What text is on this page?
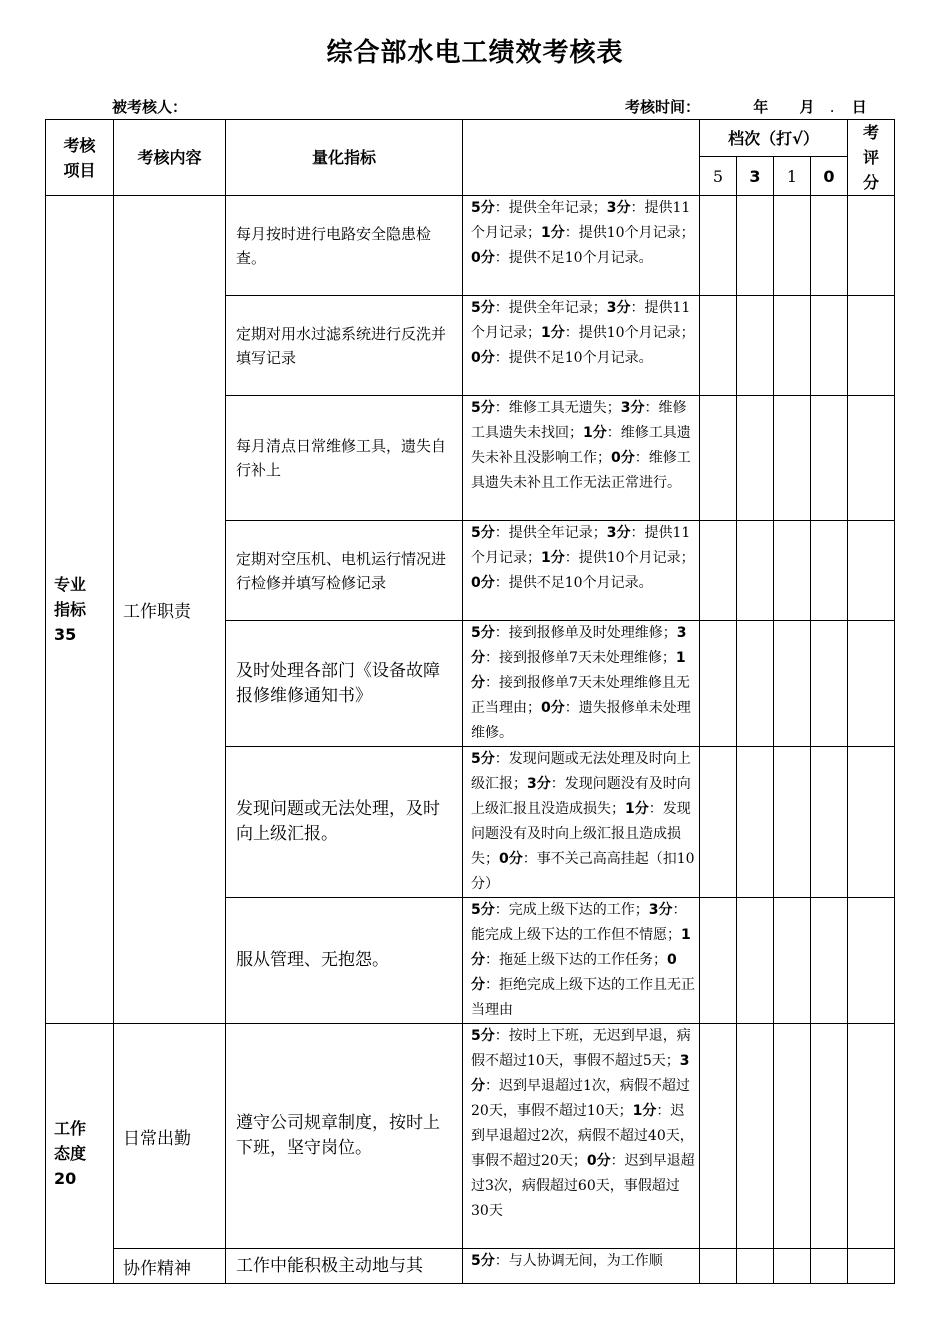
综合部水电工绩效考核表
被考核人：	考核时间：	年 月 . 日
考核项目	考核内容	量化指标		档次（打√）				考评分

				5	3	1	0	

专业指标35	工作职责	每月按时进行电路安全隐患检查。	5分：提供全年记录；3分：提供11个月记录；1分：提供10个月记录；0分：提供不足10个月记录。					
		定期对用水过滤系统进行反洗并填写记录	5分：提供全年记录；3分：提供11个月记录；1分：提供10个月记录；0分：提供不足10个月记录。					
		每月清点日常维修工具，遗失自行补上	5分：维修工具无遗失；3分：维修工具遗失未找回；1分：维修工具遗失未补且没影响工作；0分：维修工具遗失未补且工作无法正常进行。					
		定期对空压机、电机运行情况进行检修并填写检修记录	5分：提供全年记录；3分：提供11个月记录；1分：提供10个月记录；0分：提供不足10个月记录。					
		及时处理各部门《设备故障报修维修通知书》	5分：接到报修单及时处理维修；3分：接到报修单7天未处理维修；1分：接到报修单7天未处理维修且无正当理由；0分：遗失报修单未处理维修。					
		发现问题或无法处理，及时向上级汇报。	5分：发现问题或无法处理及时向上级汇报；3分：发现问题没有及时向上级汇报且没造成损失；1分：发现问题没有及时向上级汇报且造成损失；0分：事不关己高高挂起（扣10分）					
		服从管理、无抱怨。	5分：完成上级下达的工作；3分：能完成上级下达的工作但不情愿；1分：拖延上级下达的工作任务；0分：拒绝完成上级下达的工作且无正当理由					

工作态度20	日常出勤	遵守公司规章制度，按时上下班，坚守岗位。	5分：按时上下班，无迟到早退，病假不超过10天，事假不超过5天；3分：迟到早退超过1次，病假不超过20天，事假不超过10天；1分：迟到早退超过2次，病假不超过40天，事假不超过20天；0分：迟到早退超过3次，病假超过60天，事假超过30天					
	协作精神	工作中能积极主动地与其	5分：与人协调无间，为工作顺					
